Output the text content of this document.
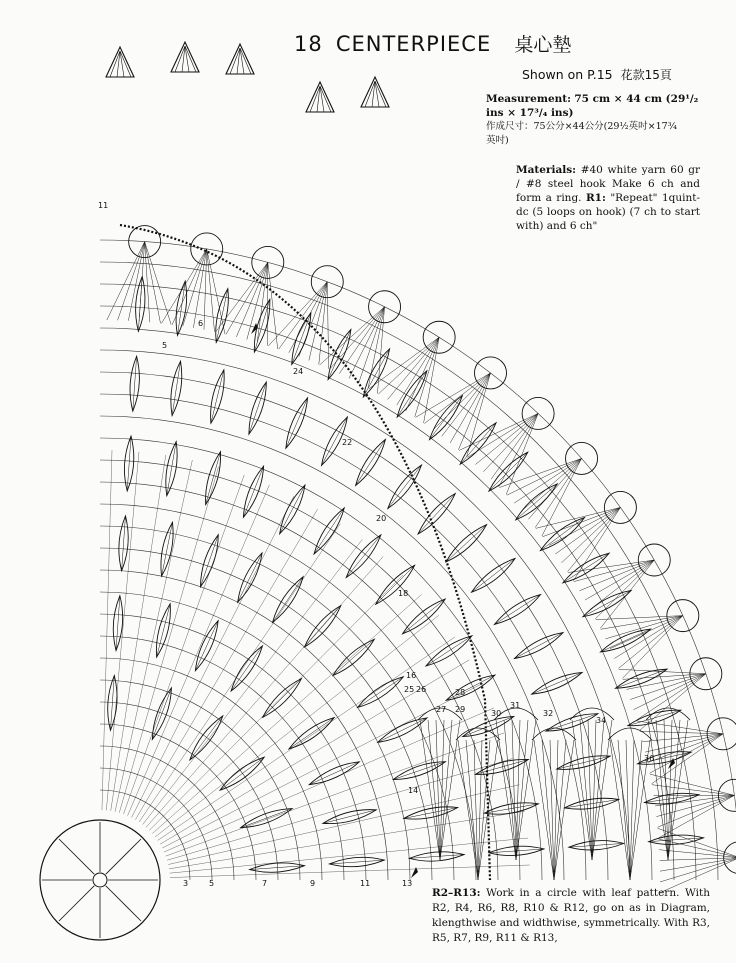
3	5	7	9	11	13
14
16
18
20
22
24
25 26
27
28
29	30
31
32
34
36
11
5
6
18 CENTERPIECE 桌心墊
Shown on P.15 花款15頁
Measurement: 75 cm × 44 cm (29¹/₂
ins × 17³/₄ ins)
作成尺寸：75公分×44公分(29½英吋×17¾
英吋)
Materials: #40 white yarn 60 gr / #8 steel hook Make 6 ch and form a ring. R1: "Repeat" 1quint-dc (5 loops on hook) (7 ch to start with) and 6 ch"
R2–R13: Work in a circle with leaf pattern. With R2, R4, R6, R8, R10 & R12, go on as in Diagram, klengthwise and widthwise, symmetrically. With R3, R5, R7, R9, R11 & R13,
